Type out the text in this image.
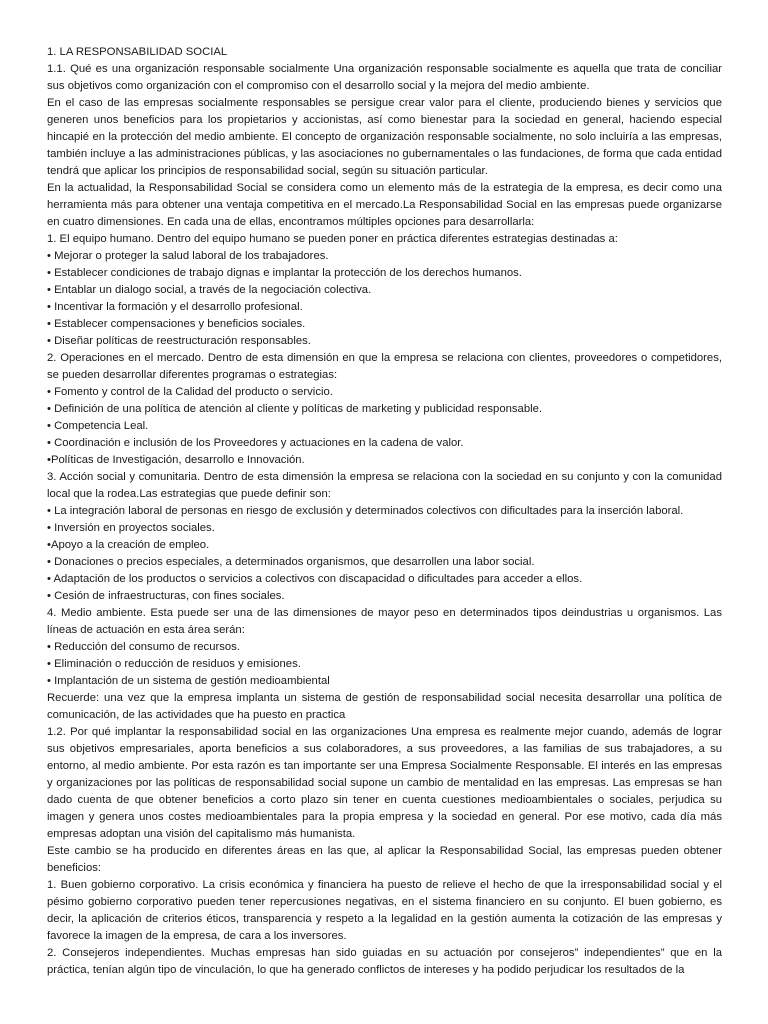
1. LA RESPONSABILIDAD SOCIAL

1.1. Qué es una organización responsable socialmente Una organización responsable socialmente es aquella que trata de conciliar sus objetivos como organización con el compromiso con el desarrollo social y la mejora del medio ambiente.

En el caso de las empresas socialmente responsables se persigue crear valor para el cliente, produciendo bienes y servicios que generen unos beneficios para los propietarios y accionistas, así como bienestar para la sociedad en general, haciendo especial hincapié en la protección del medio ambiente. El concepto de organización responsable socialmente, no solo incluiría a las empresas, también incluye a las administraciones públicas, y las asociaciones no gubernamentales o las fundaciones, de forma que cada entidad tendrá que aplicar los principios de responsabilidad social, según su situación particular.

En la actualidad, la Responsabilidad Social se considera como un elemento más de la estrategia de la empresa, es decir como una herramienta más para obtener una ventaja competitiva en el mercado.La Responsabilidad Social en las empresas puede organizarse en cuatro dimensiones. En cada una de ellas, encontramos múltiples opciones para desarrollarla:

1. El equipo humano. Dentro del equipo humano se pueden poner en práctica diferentes estrategias destinadas a:

• Mejorar o proteger la salud laboral de los trabajadores.

• Establecer condiciones de trabajo dignas e implantar la protección de los derechos humanos.

• Entablar un dialogo social, a través de la negociación colectiva.

• Incentivar la formación y el desarrollo profesional.

• Establecer compensaciones y beneficios sociales.

• Diseñar políticas de reestructuración responsables.

2. Operaciones en el mercado. Dentro de esta dimensión en que la empresa se relaciona con clientes, proveedores o competidores, se pueden desarrollar diferentes programas o estrategias:

• Fomento y control de la Calidad del producto o servicio.

• Definición de una política de atención al cliente y políticas de marketing y publicidad responsable.

• Competencia Leal.

• Coordinación e inclusión de los Proveedores y actuaciones en la cadena de valor.

•Políticas de Investigación, desarrollo e Innovación.

3. Acción social y comunitaria. Dentro de esta dimensión la empresa se relaciona con la sociedad en su conjunto y con la comunidad local que la rodea.Las estrategias que puede definir son:

• La integración laboral de personas en riesgo de exclusión y determinados colectivos con dificultades para la inserción laboral.

• Inversión en proyectos sociales.

•Apoyo a la creación de empleo.

• Donaciones o precios especiales, a determinados organismos, que desarrollen una labor social.

• Adaptación de los productos o servicios a colectivos con discapacidad o dificultades para acceder a ellos.

• Cesión de infraestructuras, con fines sociales.

4. Medio ambiente. Esta puede ser una de las dimensiones de mayor peso en determinados tipos deindustrias u organismos. Las líneas de actuación en esta área serán:

• Reducción del consumo de recursos.

• Eliminación o reducción de residuos y emisiones.

• Implantación de un sistema de gestión medioambiental

Recuerde: una vez que la empresa implanta un sistema de gestión de responsabilidad social necesita desarrollar una política de comunicación, de las actividades que ha puesto en practica

1.2. Por qué implantar la responsabilidad social en las organizaciones Una empresa es realmente mejor cuando, además de lograr sus objetivos empresariales, aporta beneficios a sus colaboradores, a sus proveedores, a las familias de sus trabajadores, a su entorno, al medio ambiente. Por esta razón es tan importante ser una Empresa Socialmente Responsable. El interés en las empresas y organizaciones por las políticas de responsabilidad social supone un cambio de mentalidad en las empresas. Las empresas se han dado cuenta de que obtener beneficios a corto plazo sin tener en cuenta cuestiones medioambientales o sociales, perjudica su imagen y genera unos costes medioambientales para la propia empresa y la sociedad en general. Por ese motivo, cada día más empresas adoptan una visión del capitalismo más humanista.

Este cambio se ha producido en diferentes áreas en las que, al aplicar la Responsabilidad Social, las empresas pueden obtener beneficios:

1. Buen gobierno corporativo. La crisis económica y financiera ha puesto de relieve el hecho de que la irresponsabilidad social y el pésimo gobierno corporativo pueden tener repercusiones negativas, en el sistema financiero en su conjunto. El buen gobierno, es decir, la aplicación de criterios éticos, transparencia y respeto a la legalidad en la gestión aumenta la cotización de las empresas y favorece la imagen de la empresa, de cara a los inversores.

2. Consejeros independientes. Muchas empresas han sido guiadas en su actuación por consejeros” independientes” que en la práctica, tenían algún tipo de vinculación, lo que ha generado conflictos de intereses y ha podido perjudicar los resultados de la
